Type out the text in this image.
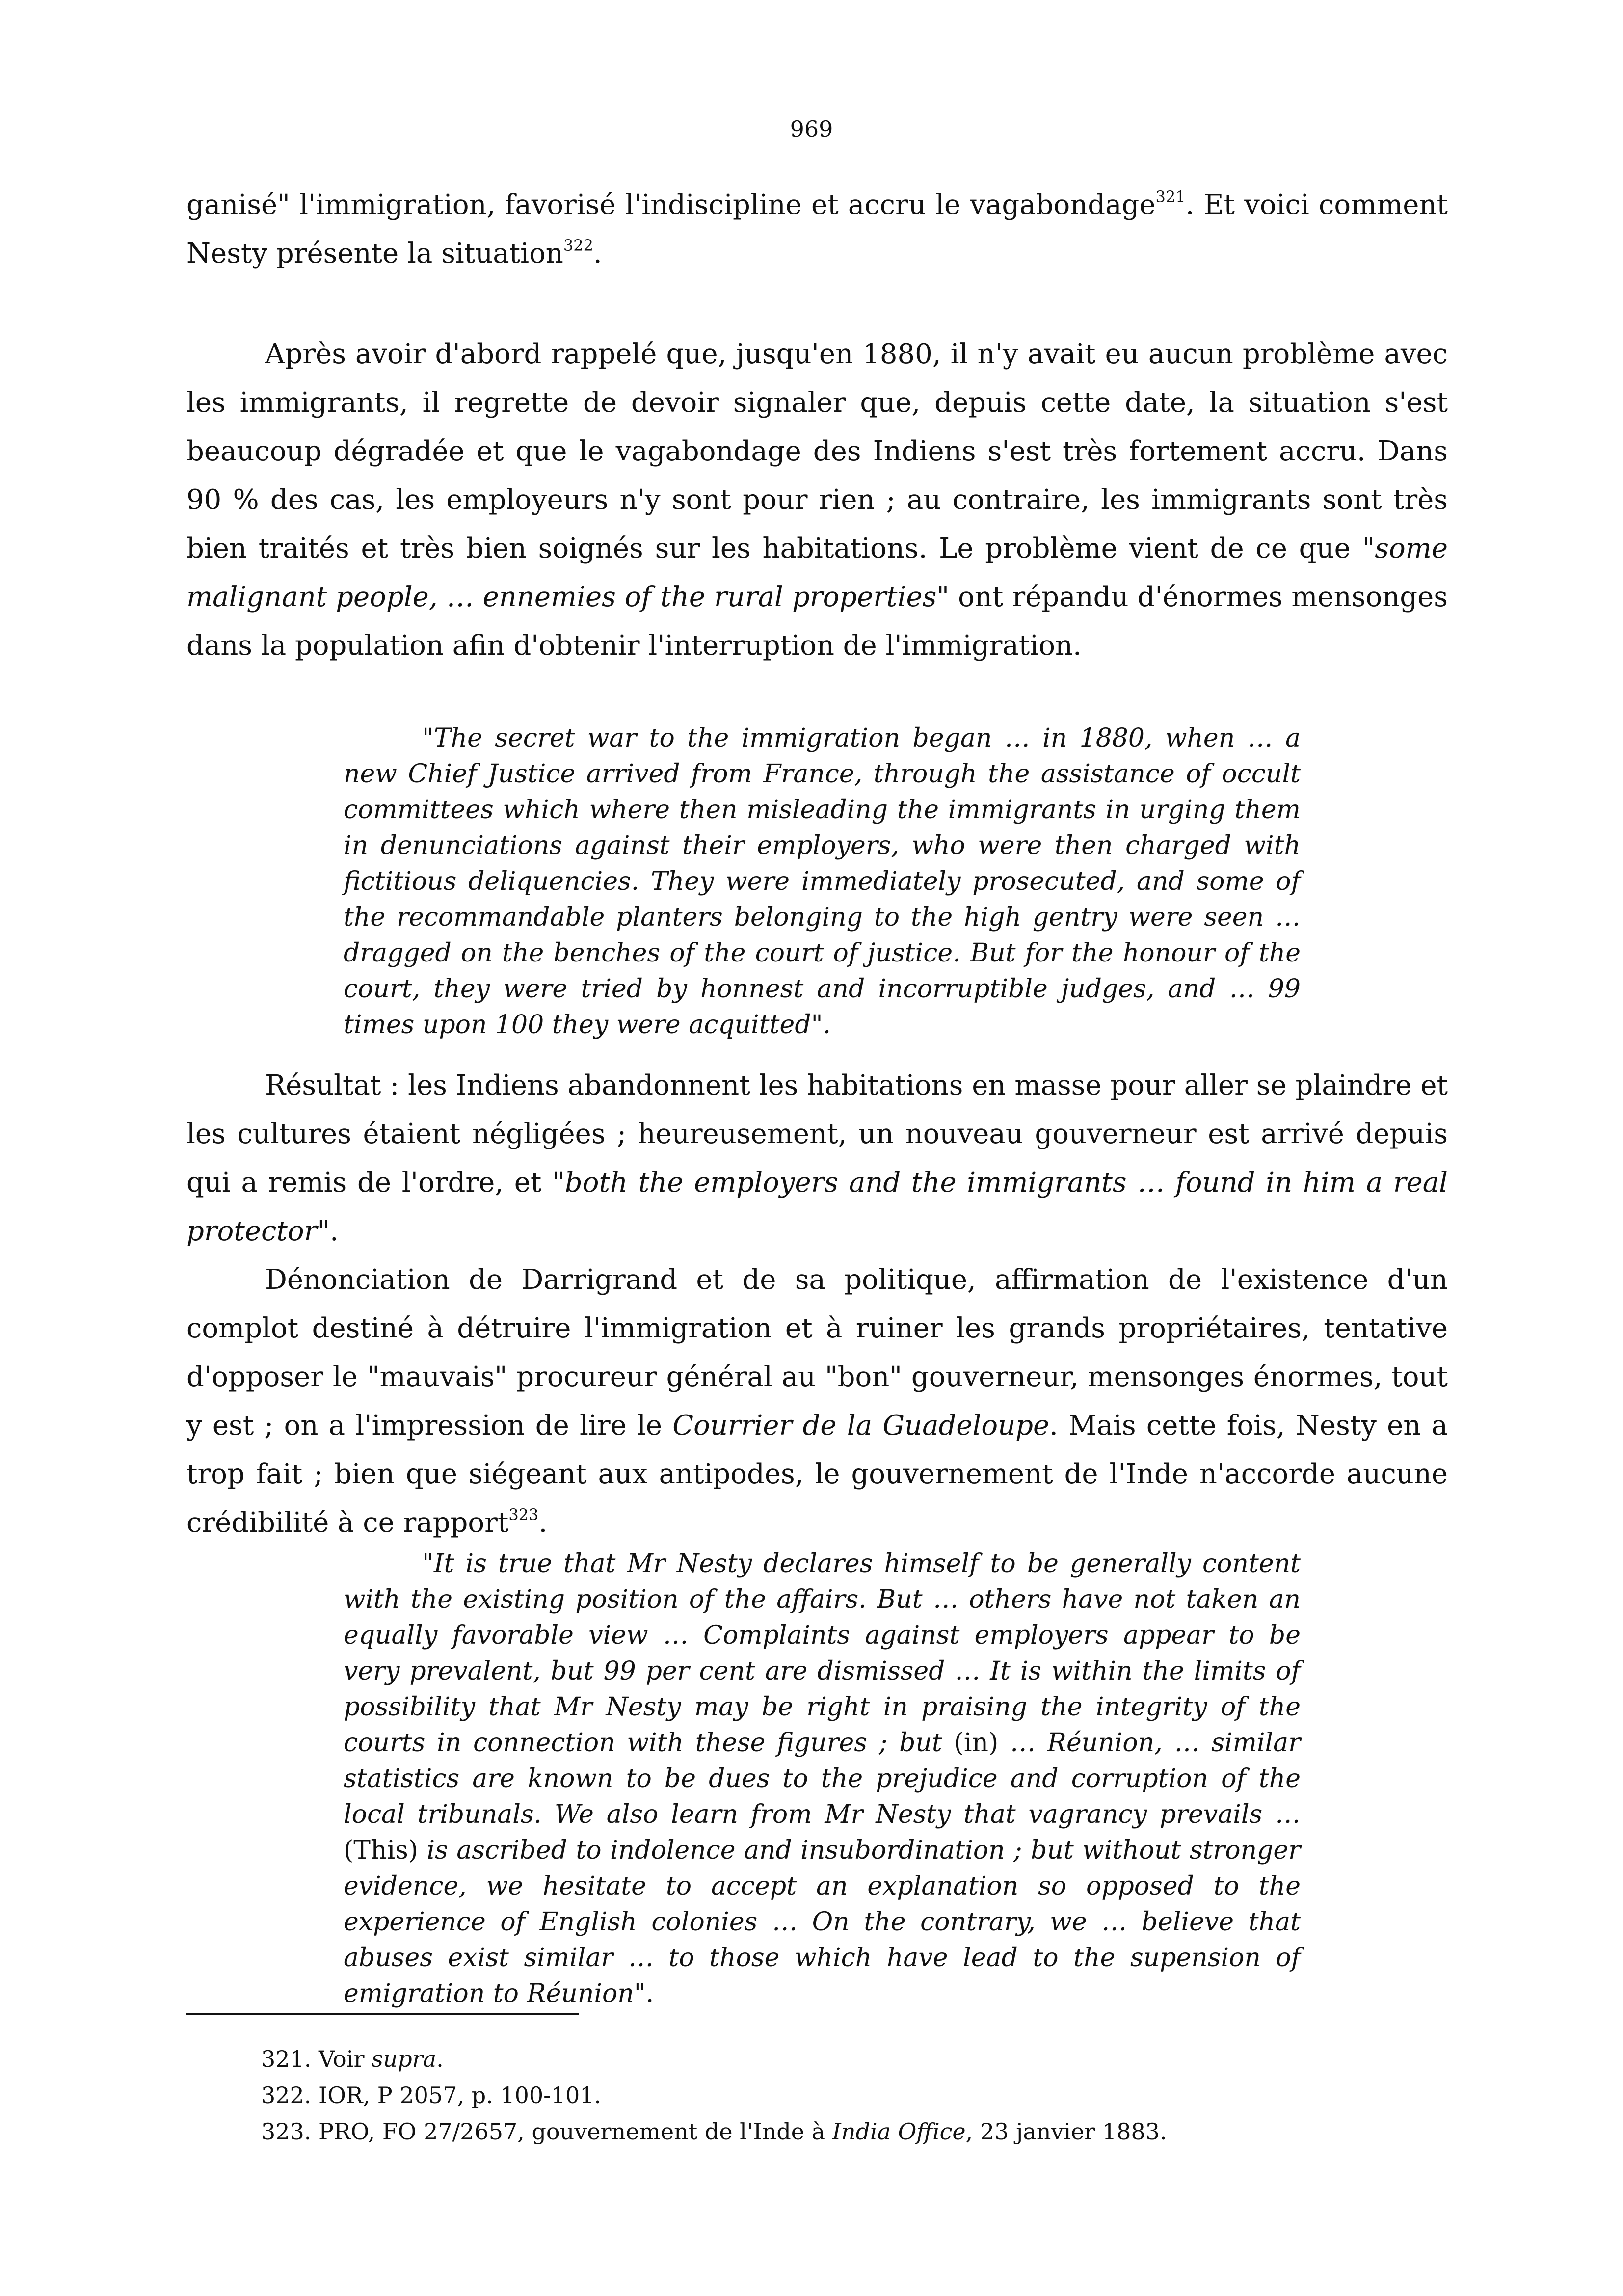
969

ganisé" l'immigration, favorisé l'indiscipline et accru le vagabondage$^{321}$. Et voici comment Nesty présente la situation$^{322}$.

Après avoir d'abord rappelé que, jusqu'en 1880, il n'y avait eu aucun problème avec les immigrants, il regrette de devoir signaler que, depuis cette date, la situation s'est beaucoup dégradée et que le vagabondage des Indiens s'est très fortement accru. Dans 90 % des cas, les employeurs n'y sont pour rien ; au contraire, les immigrants sont très bien traités et très bien soignés sur les habitations. Le problème vient de ce que "some malignant people, … ennemies of the rural properties" ont répandu d'énormes mensonges dans la population afin d'obtenir l'interruption de l'immigration.

"The secret war to the immigration began … in 1880, when … a new Chief Justice arrived from France, through the assistance of occult committees which where then misleading the immigrants in urging them in denunciations against their employers, who were then charged with fictitious deliquencies. They were immediately prosecuted, and some of the recommandable planters belonging to the high gentry were seen … dragged on the benches of the court of justice. But for the honour of the court, they were tried by honnest and incorruptible judges, and … 99 times upon 100 they were acquitted".

Résultat : les Indiens abandonnent les habitations en masse pour aller se plaindre et les cultures étaient négligées ; heureusement, un nouveau gouverneur est arrivé depuis qui a remis de l'ordre, et "both the employers and the immigrants … found in him a real protector".

Dénonciation de Darrigrand et de sa politique, affirmation de l'existence d'un complot destiné à détruire l'immigration et à ruiner les grands propriétaires, tentative d'opposer le "mauvais" procureur général au "bon" gouverneur, mensonges énormes, tout y est ; on a l'impression de lire le Courrier de la Guadeloupe. Mais cette fois, Nesty en a trop fait ; bien que siégeant aux antipodes, le gouvernement de l'Inde n'accorde aucune crédibilité à ce rapport$^{323}$.

"It is true that Mr Nesty declares himself to be generally content with the existing position of the affairs. But … others have not taken an equally favorable view … Complaints against employers appear to be very prevalent, but 99 per cent are dismissed … It is within the limits of possibility that Mr Nesty may be right in praising the integrity of the courts in connection with these figures ; but (in) … Réunion, … similar statistics are known to be dues to the prejudice and corruption of the local tribunals. We also learn from Mr Nesty that vagrancy prevails … (This) is ascribed to indolence and insubordination ; but without stronger evidence, we hesitate to accept an explanation so opposed to the experience of English colonies … On the contrary, we … believe that abuses exist similar … to those which have lead to the supension of emigration to Réunion".

321. Voir supra.
322. IOR, P 2057, p. 100-101.
323. PRO, FO 27/2657, gouvernement de l'Inde à India Office, 23 janvier 1883.
